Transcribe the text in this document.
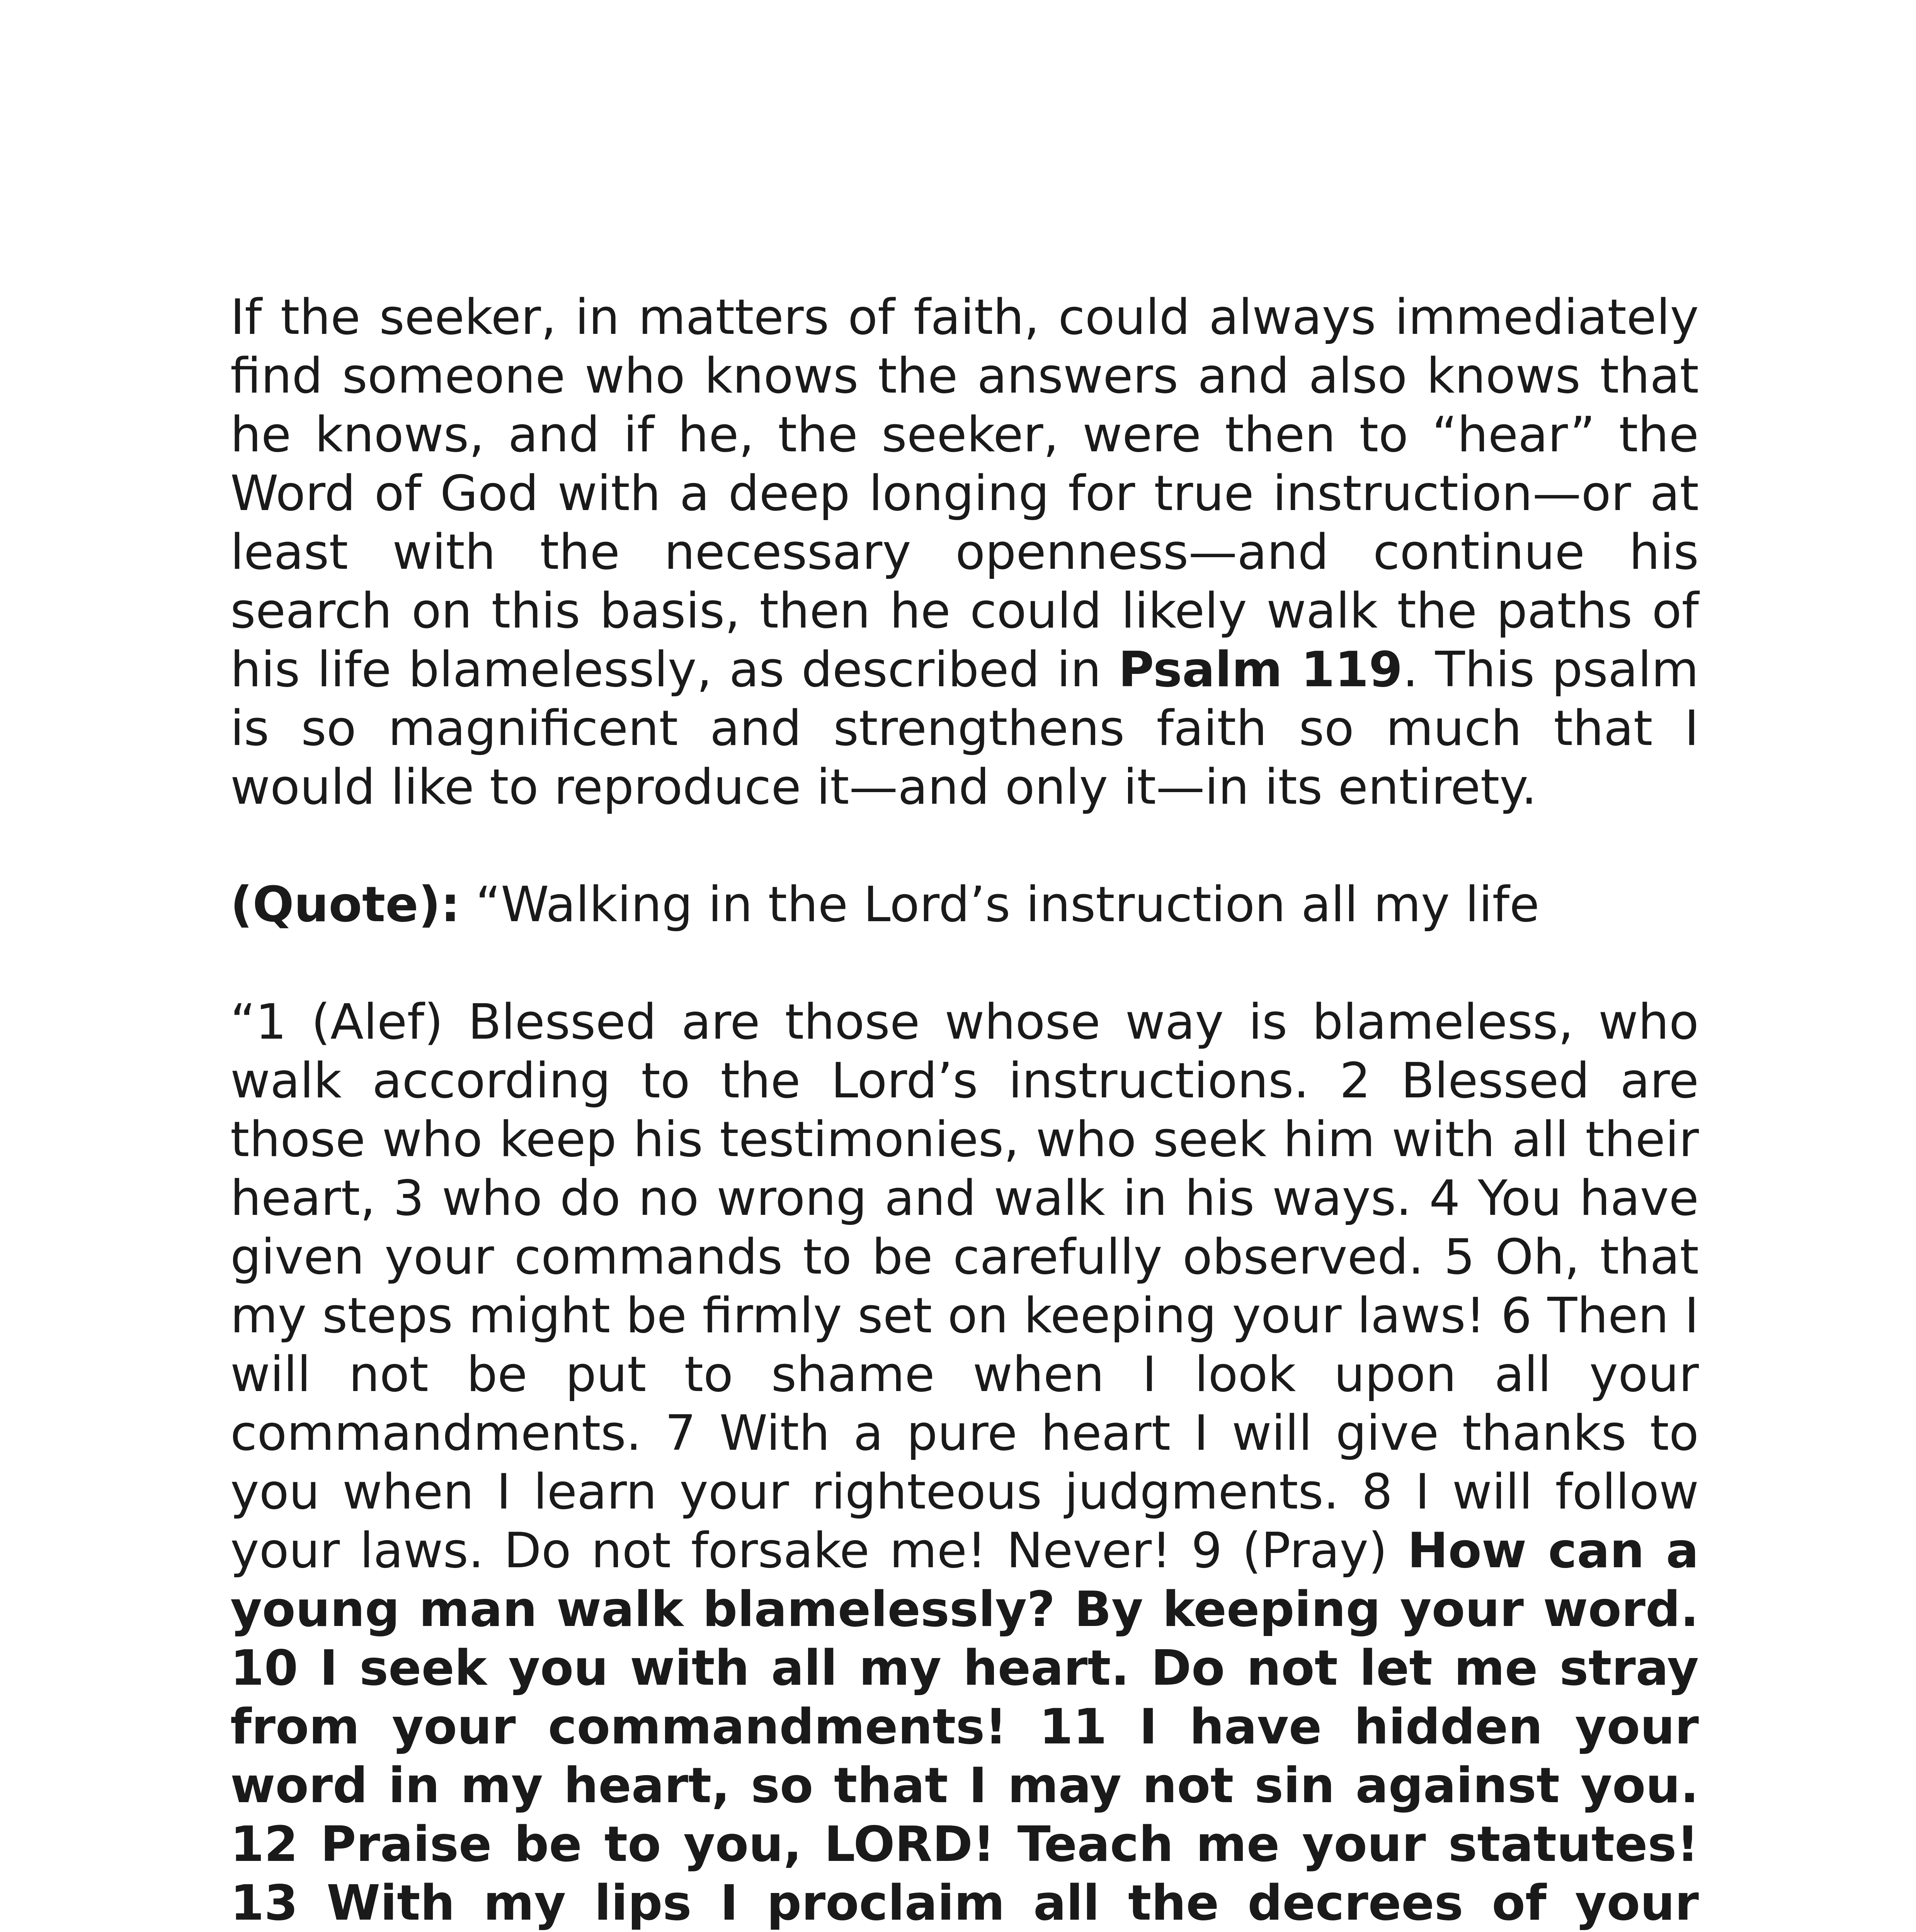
If the seeker, in matters of faith, could always immediately find someone who knows the answers and also knows that he knows, and if he, the seeker, were then to “hear” the Word of God with a deep longing for true instruction—or at least with the necessary openness—and continue his search on this basis, then he could likely walk the paths of his life blamelessly, as described in Psalm 119. This psalm is so magnificent and strengthens faith so much that I would like to reproduce it—and only it—in its entirety.

(Quote): “Walking in the Lord’s instruction all my life

“1 (Alef) Blessed are those whose way is blameless, who walk according to the Lord’s instructions. 2 Blessed are those who keep his testimonies, who seek him with all their heart, 3 who do no wrong and walk in his ways. 4 You have given your commands to be carefully observed. 5 Oh, that my steps might be firmly set on keeping your laws! 6 Then I will not be put to shame when I look upon all your commandments. 7 With a pure heart I will give thanks to you when I learn your righteous judgments. 8 I will follow your laws. Do not forsake me! Never! 9 (Pray) How can a young man walk blamelessly? By keeping your word. 10 I seek you with all my heart. Do not let me stray from your commandments! 11 I have hidden your word in my heart, so that I may not sin against you. 12 Praise be to you, LORD! Teach me your statutes! 13 With my lips I proclaim all the decrees of your
